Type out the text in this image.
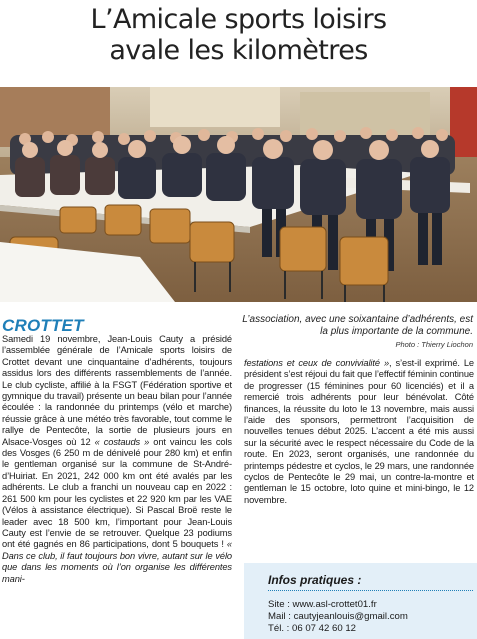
L’Amicale sports loisirs
avale les kilomètres
CROTTET	L’association, avec une soixantaine d’adhérents, est la plus importante de la commune.
Photo : Thierry Liochon

Samedi 19 novembre, Jean-Louis Cauty a présidé l’assemblée générale de l’Amicale sports loisirs de Crottet devant une cinquantaine d’adhérents, toujours assidus lors des différents rassemblements de l’année. Le club cycliste, affilié à la FSGT (Fédération sportive et gymnique du travail) présente un beau bilan pour l’année écoulée : la randonnée du printemps (vélo et marche) réussie grâce à une météo très favorable, tout comme le rallye de Pentecôte, la sortie de plusieurs jours en Alsace-Vosges où 12 « costauds » ont vaincu les cols des Vosges (6 250 m de dénivelé pour 280 km) et enfin le gentleman organisé sur la commune de St-André-d’Huiriat. En 2021, 242 000 km ont été avalés par les adhérents. Le club a franchi un nouveau cap en 2022 : 261 500 km pour les cyclistes et 22 920 km par les VAE (Vélos à assistance électrique). Si Pascal Broë reste le leader avec 18 500 km, l’important pour Jean-Louis Cauty est l’envie de se retrouver. Quelque 23 podiums ont été gagnés en 86 participations, dont 5 bouquets ! « Dans ce club, il faut toujours bon vivre, autant sur le vélo que dans les moments où l’on organise les différentes mani-

festations et ceux de convivialité », s’est-il exprimé. Le président s’est réjoui du fait que l’effectif féminin continue de progresser (15 féminines pour 60 licenciés) et il a remercié trois adhérents pour leur bénévolat. Côté finances, la réussite du loto le 13 novembre, mais aussi l’aide des sponsors, permettront l’acquisition de nouvelles tenues début 2025. L’accent a été mis aussi sur la sécurité avec le respect nécessaire du Code de la route. En 2023, seront organisés, une randonnée du printemps pédestre et cyclos, le 29 mars, une randonnée cyclos de Pentecôte le 29 mai, un contre-la-montre et gentleman le 15 octobre, loto quine et mini-bingo, le 12 novembre.

Infos pratiques :
Site : www.asl-crottet01.fr
Mail : cautyjeanlouis@gmail.com
Tél. : 06 07 42 60 12
